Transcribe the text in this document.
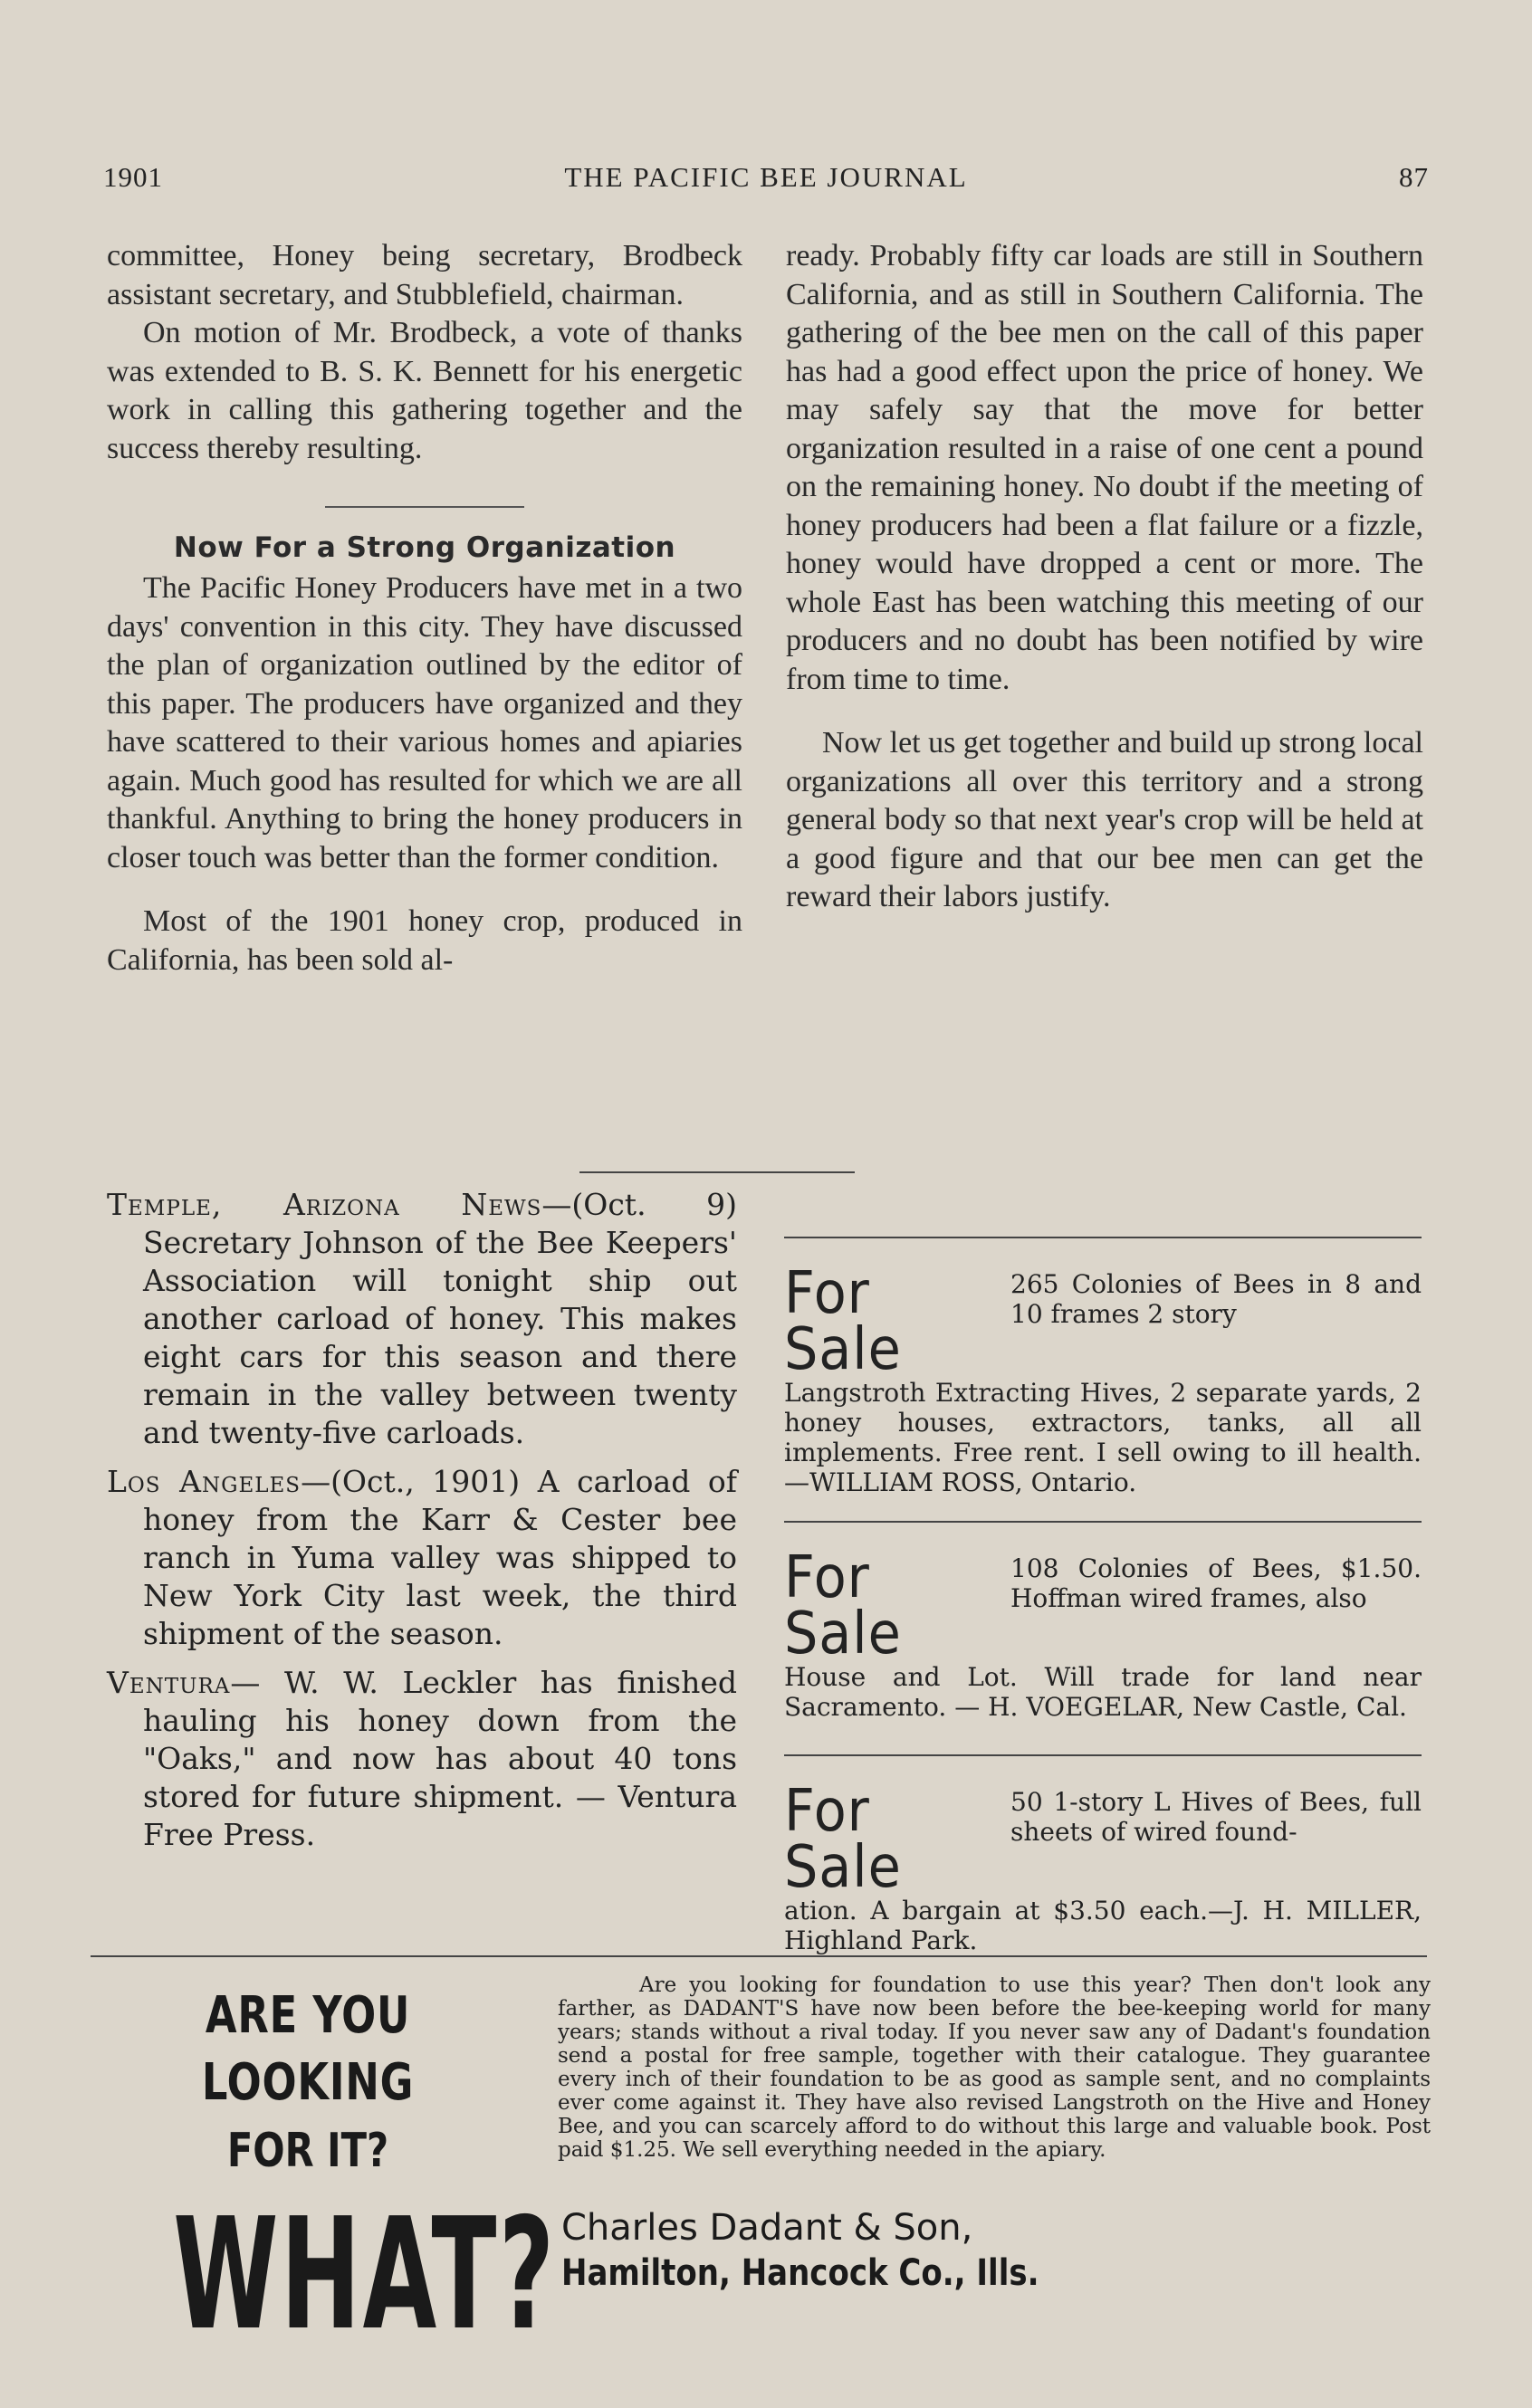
1901	THE PACIFIC BEE JOURNAL	87

committee, Honey being secretary, Brodbeck assistant secretary, and Stubblefield, chairman.

On motion of Mr. Brodbeck, a vote of thanks was extended to B. S. K. Bennett for his energetic work in calling this gathering together and the success thereby resulting.

Now For a Strong Organization

The Pacific Honey Producers have met in a two days' convention in this city. They have discussed the plan of organization outlined by the editor of this paper. The producers have organized and they have scattered to their various homes and apiaries again. Much good has resulted for which we are all thankful. Anything to bring the honey producers in closer touch was better than the former condition.

Most of the 1901 honey crop, produced in California, has been sold al-

ready. Probably fifty car loads are still in Southern California, and as still in Southern California. The gathering of the bee men on the call of this paper has had a good effect upon the price of honey. We may safely say that the move for better organization resulted in a raise of one cent a pound on the remaining honey. No doubt if the meeting of honey producers had been a flat failure or a fizzle, honey would have dropped a cent or more. The whole East has been watching this meeting of our producers and no doubt has been notified by wire from time to time.

Now let us get together and build up strong local organizations all over this territory and a strong general body so that next year's crop will be held at a good figure and that our bee men can get the reward their labors justify.

Temple, Arizona News—(Oct. 9) Secretary Johnson of the Bee Keepers' Association will tonight ship out another carload of honey. This makes eight cars for this season and there remain in the valley between twenty and twenty-five carloads.

Los Angeles—(Oct., 1901) A carload of honey from the Karr & Cester bee ranch in Yuma valley was shipped to New York City last week, the third shipment of the season.

Ventura— W. W. Leckler has finished hauling his honey down from the "Oaks," and now has about 40 tons stored for future shipment. — Ventura Free Press.

For Sale
265 Colonies of Bees in 8 and 10 frames 2 story
Langstroth Extracting Hives, 2 separate yards, 2 honey houses, extractors, tanks, all all implements. Free rent. I sell owing to ill health.—WILLIAM ROSS, Ontario.
For Sale
108 Colonies of Bees, $1.50. Hoffman wired frames, also
House and Lot. Will trade for land near Sacramento. — H. VOEGELAR, New Castle, Cal.
For Sale
50 1-story L Hives of Bees, full sheets of wired found-
ation. A bargain at $3.50 each.—J. H. MILLER, Highland Park.
ARE YOU LOOKING
FOR IT?
WHAT?
Are you looking for foundation to use this year? Then don't look any farther, as DADANT'S have now been before the bee-keeping world for many years; stands without a rival today. If you never saw any of Dadant's foundation send a postal for free sample, together with their catalogue. They guarantee every inch of their foundation to be as good as sample sent, and no complaints ever come against it. They have also revised Langstroth on the Hive and Honey Bee, and you can scarcely afford to do without this large and valuable book. Post paid $1.25. We sell everything needed in the apiary.
Charles Dadant & Son, Hamilton, Hancock Co., Ills.
